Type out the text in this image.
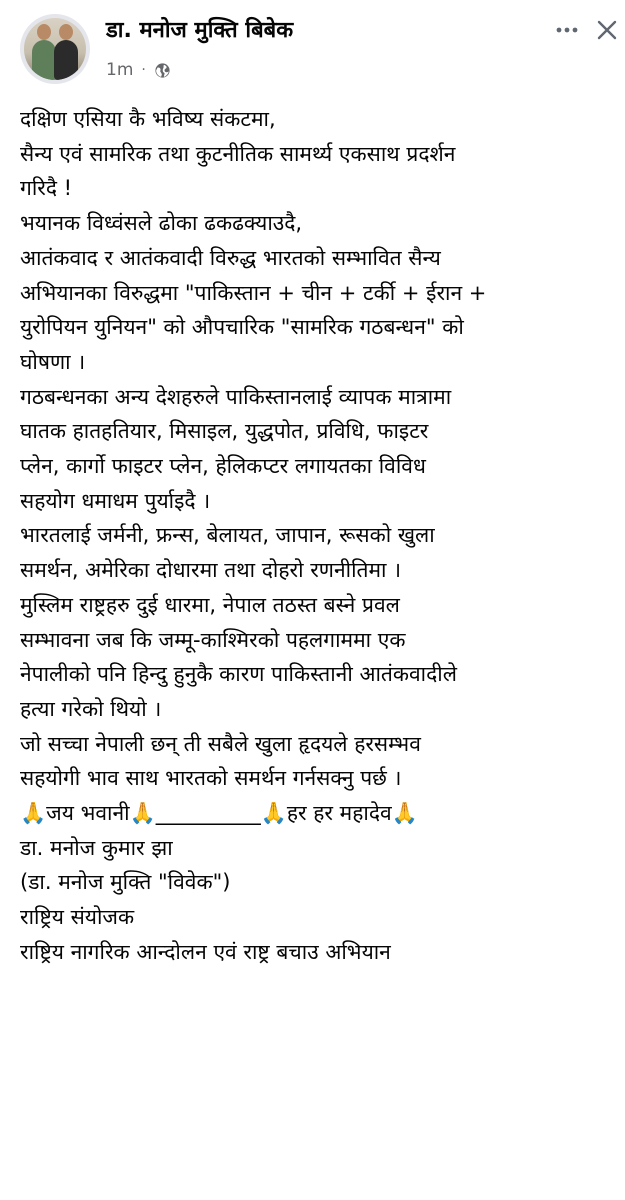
डा. मनोज मुक्ति बिबेक
1m ·

दक्षिण एसिया कै भविष्य संकटमा,

सैन्य एवं सामरिक तथा कुटनीतिक सामर्थ्य एकसाथ प्रदर्शन

गरिदै !

भयानक विध्वंसले ढोका ढकढक्याउदै,

आतंकवाद र आतंकवादी विरुद्ध भारतको सम्भावित सैन्य

अभियानका विरुद्धमा "पाकिस्तान + चीन + टर्की + ईरान +

युरोपियन युनियन" को औपचारिक "सामरिक गठबन्धन" को

घोषणा ।

गठबन्धनका अन्य देशहरुले पाकिस्तानलाई व्यापक मात्रामा

घातक हातहतियार, मिसाइल, युद्धपोत, प्रविधि, फाइटर

प्लेन, कार्गो फाइटर प्लेन, हेलिकप्टर लगायतका विविध

सहयोग धमाधम पुर्याइदै ।

भारतलाई जर्मनी, फ्रन्स, बेलायत, जापान, रूसको खुला

समर्थन, अमेरिका दोधारमा तथा दोहरो रणनीतिमा ।

मुस्लिम राष्ट्रहरु दुई धारमा, नेपाल तठस्त बस्ने प्रवल

सम्भावना जब कि जम्मू-काश्मिरको पहलगाममा एक

नेपालीको पनि हिन्दु हुनुकै कारण पाकिस्तानी आतंकवादीले

हत्या गरेको थियो ।

जो सच्चा नेपाली छन् ती सबैले खुला हृदयले हरसम्भव

सहयोगी भाव साथ भारतको समर्थन गर्नसक्नु पर्छ ।

🙏जय भवानी🙏__________🙏हर हर महादेव🙏

डा. मनोज कुमार झा

(डा. मनोज मुक्ति "विवेक")

राष्ट्रिय संयोजक

राष्ट्रिय नागरिक आन्दोलन एवं राष्ट्र बचाउ अभियान
